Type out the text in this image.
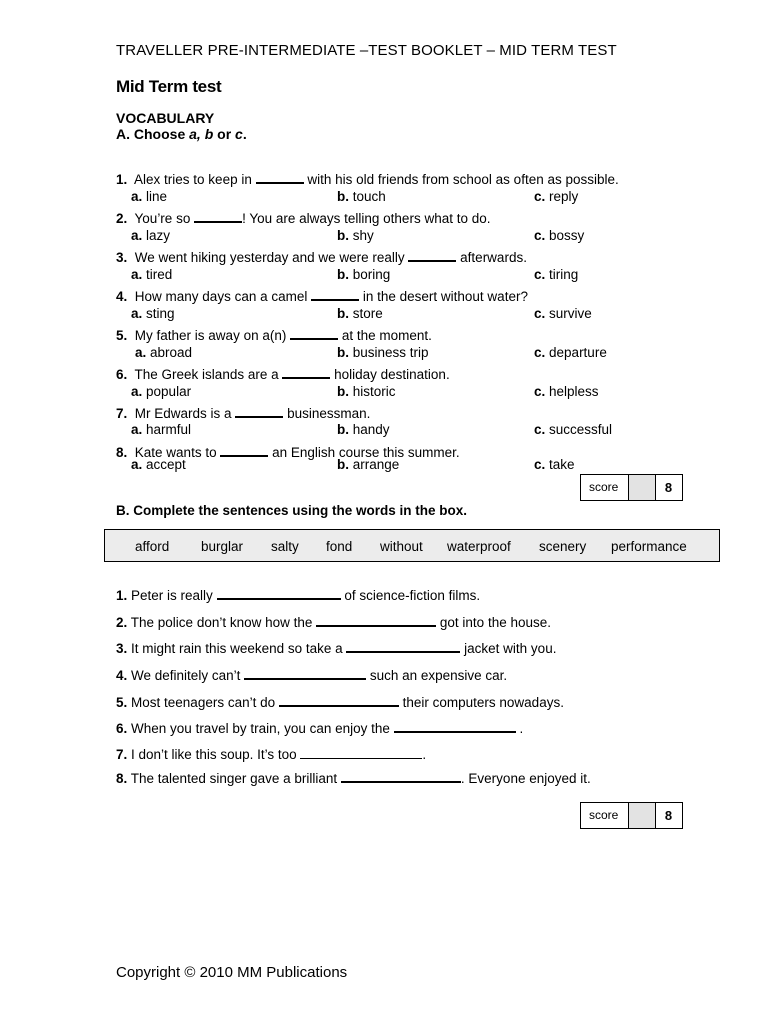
TRAVELLER PRE-INTERMEDIATE –TEST BOOKLET – MID TERM TEST
Mid Term test
VOCABULARY
A. Choose a, b or c.
1. Alex tries to keep in	with his old friends from school as often as possible.
a. line	b. touch	c. reply
2. You’re so	! You are always telling others what to do.
a. lazy	b. shy	c. bossy
3. We went hiking yesterday and we were really	afterwards.
a. tired	b. boring	c. tiring
4. How many days can a camel	in the desert without water?
a. sting	b. store	c. survive
5. My father is away on a(n)	at the moment.
a. abroad	b. business trip	c. departure
6. The Greek islands are a	holiday destination.
a. popular	b. historic	c. helpless
7. Mr Edwards is a	businessman.
a. harmful	b. handy	c. successful
8. Kate wants to	an English course this summer.
a. accept	b. arrange	c. take
score	8
B. Complete the sentences using the words in the box.
afford burglar salty fond without waterproof scenery performance
1. Peter is really	of science-fiction films.
2. The police don’t know how the	got into the house.
3. It might rain this weekend so take a	jacket with you.
4. We definitely can’t	such an expensive car.
5. Most teenagers can’t do	their computers nowadays.
6. When you travel by train, you can enjoy the	.
7. I don’t like this soup. It’s too	.
8. The talented singer gave a brilliant	. Everyone enjoyed it.
score	8
Copyright © 2010 MM Publications
